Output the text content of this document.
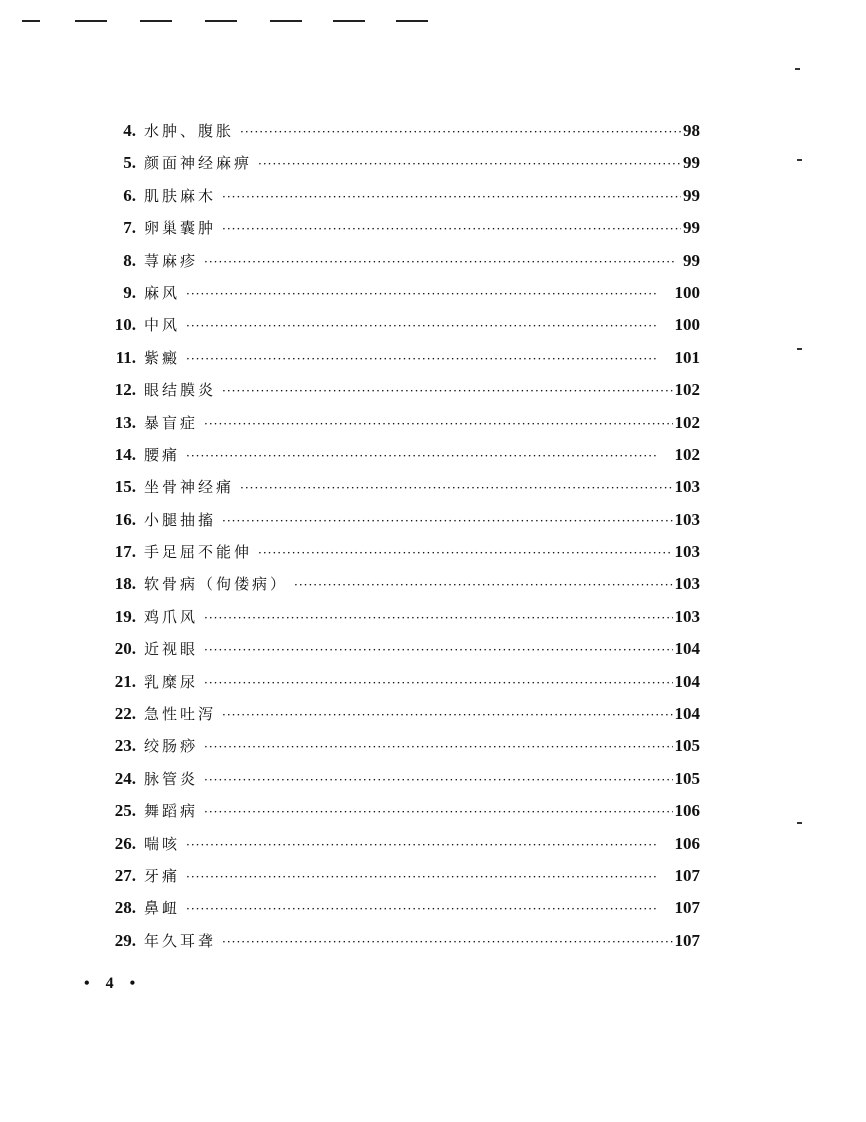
4. 水肿、腹胀 ·····	98
5. 颜面神经麻痹 ·····	99
6. 肌肤麻木 ·····	99
7. 卵巢囊肿 ·····	99
8. 荨麻疹 ·····	99
9. 麻风 ·····	100
10. 中风 ·····	100
11. 紫癜 ·····	101
12. 眼结膜炎 ·····	102
13. 暴盲症 ·····	102
14. 腰痛 ·····	102
15. 坐骨神经痛 ·····	103
16. 小腿抽搐 ·····	103
17. 手足屈不能伸 ·····	103
18. 软骨病（佝偻病） ·····	103
19. 鸡爪风 ·····	103
20. 近视眼 ·····	104
21. 乳糜尿 ·····	104
22. 急性吐泻 ·····	104
23. 绞肠痧 ·····	105
24. 脉管炎 ·····	105
25. 舞蹈病 ·····	106
26. 喘咳 ·····	106
27. 牙痛 ·····	107
28. 鼻衄 ·····	107
29. 年久耳聋 ·····	107
• 4 •
